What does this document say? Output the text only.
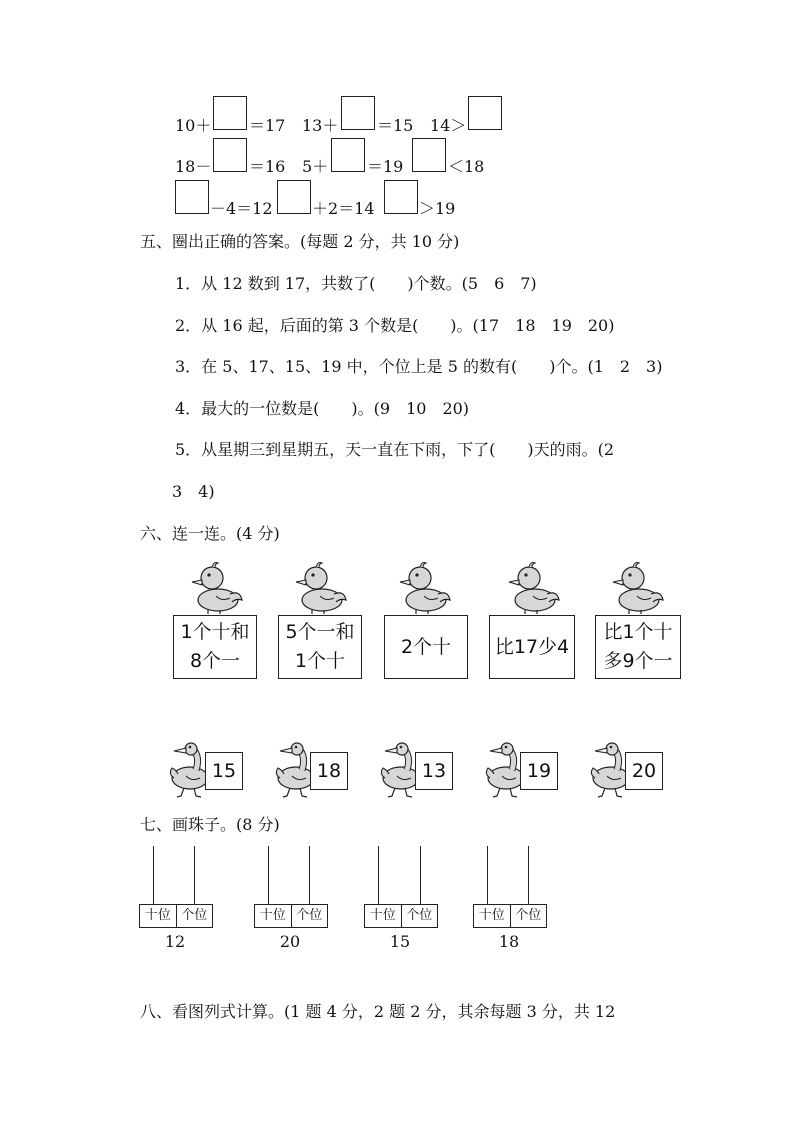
10＋ ＝17 13＋ ＝15 14＞
18－ ＝16 5＋ ＝19	＜18
－4＝12 ＋2＝14	＞19
五、圈出正确的答案。(每题 2 分，共 10 分)
1．从 12 数到 17，共数了(　　)个数。(5　6　7)
2．从 16 起，后面的第 3 个数是(　　)。(17　18　19　20)
3．在 5、17、15、19 中，个位上是 5 的数有(　　)个。(1　2　3)
4．最大的一位数是(　　)。(9　10　20)
5．从星期三到星期五，天一直在下雨，下了(　　)天的雨。(2
3　4)
六、连一连。(4 分)
1个十和
8个一
5个一和
1个十
2个十	比17少4
比1个十
多9个一
15	18	13	19	20
七、画珠子。(8 分)
十位 个位
12
十位 个位
20
十位 个位
15
十位 个位
18
八、看图列式计算。(1 题 4 分，2 题 2 分，其余每题 3 分，共 12
